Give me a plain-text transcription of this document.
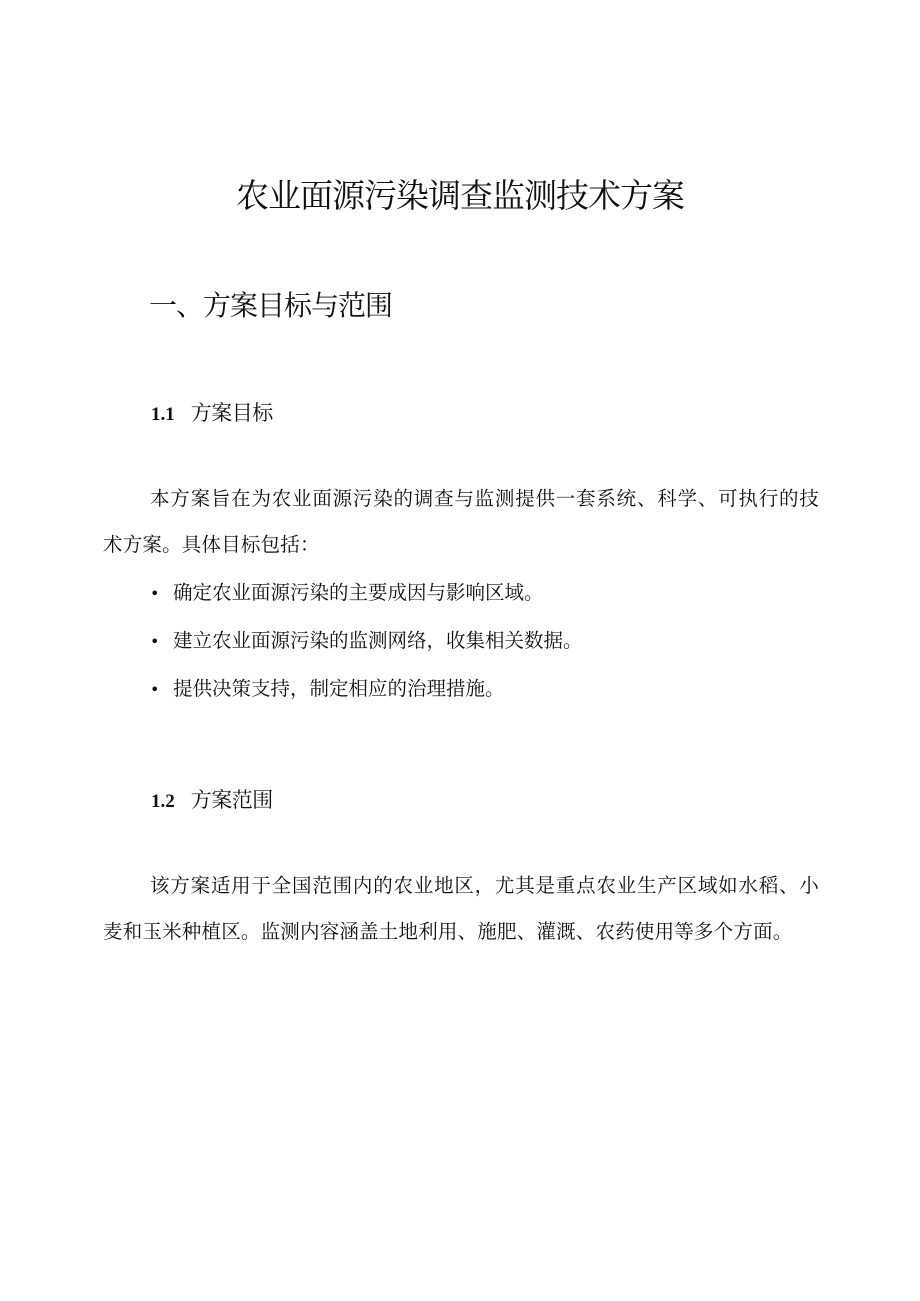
农业面源污染调查监测技术方案
一、方案目标与范围
1.1 方案目标

本方案旨在为农业面源污染的调查与监测提供一套系统、科学、可执行的技术方案。具体目标包括：

• 确定农业面源污染的主要成因与影响区域。
• 建立农业面源污染的监测网络，收集相关数据。
• 提供决策支持，制定相应的治理措施。
1.2 方案范围

该方案适用于全国范围内的农业地区，尤其是重点农业生产区域如水稻、小麦和玉米种植区。监测内容涵盖土地利用、施肥、灌溉、农药使用等多个方面。
